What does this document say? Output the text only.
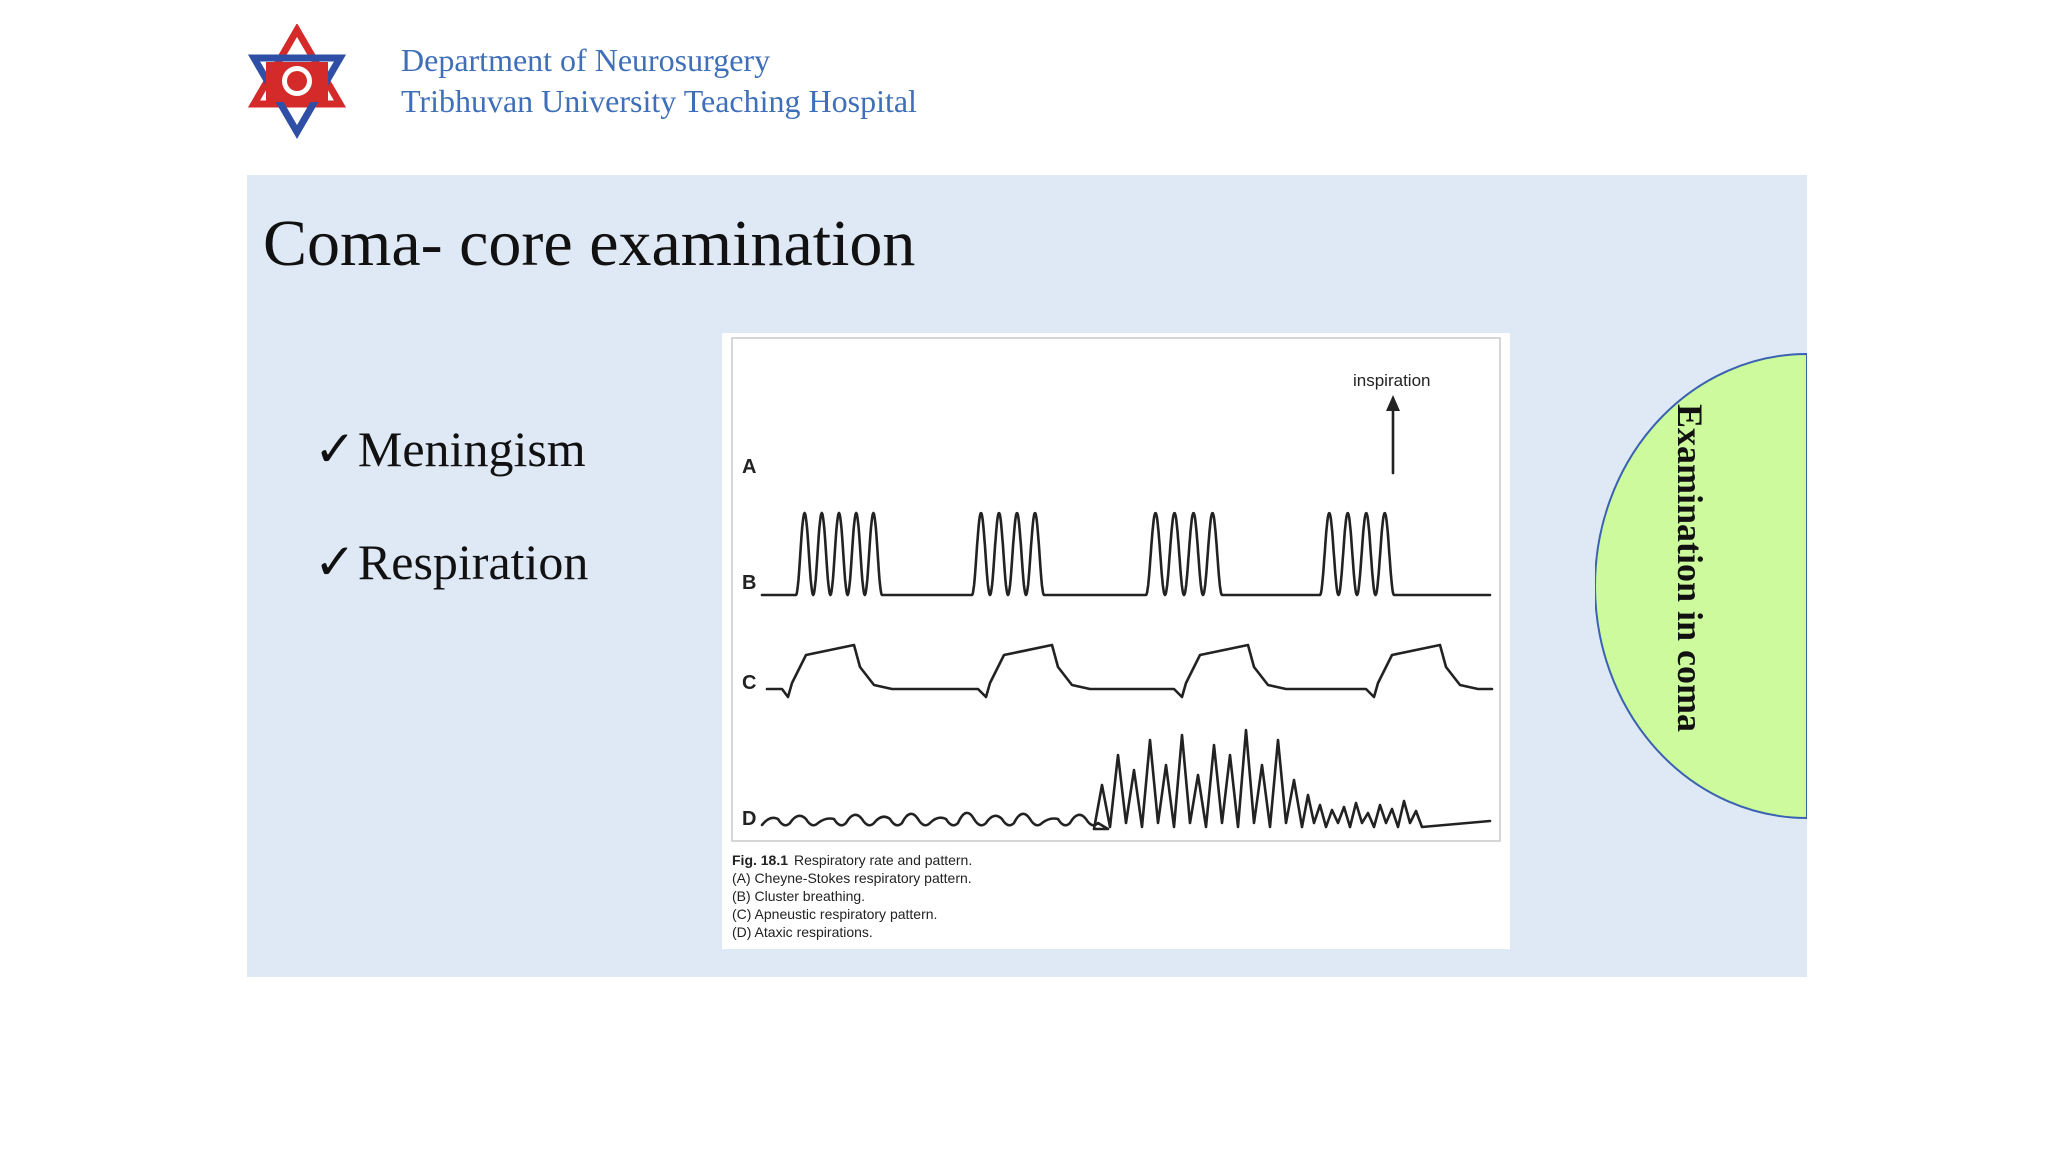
Department of Neurosurgery
Tribhuvan University Teaching Hospital
Coma- core examination
✓Meningism
✓Respiration
A
B
C
D
inspiration
Fig. 18.1 Respiratory rate and pattern.
(A) Cheyne-Stokes respiratory pattern.
(B) Cluster breathing.
(C) Apneustic respiratory pattern.
(D) Ataxic respirations.
Examination in coma
